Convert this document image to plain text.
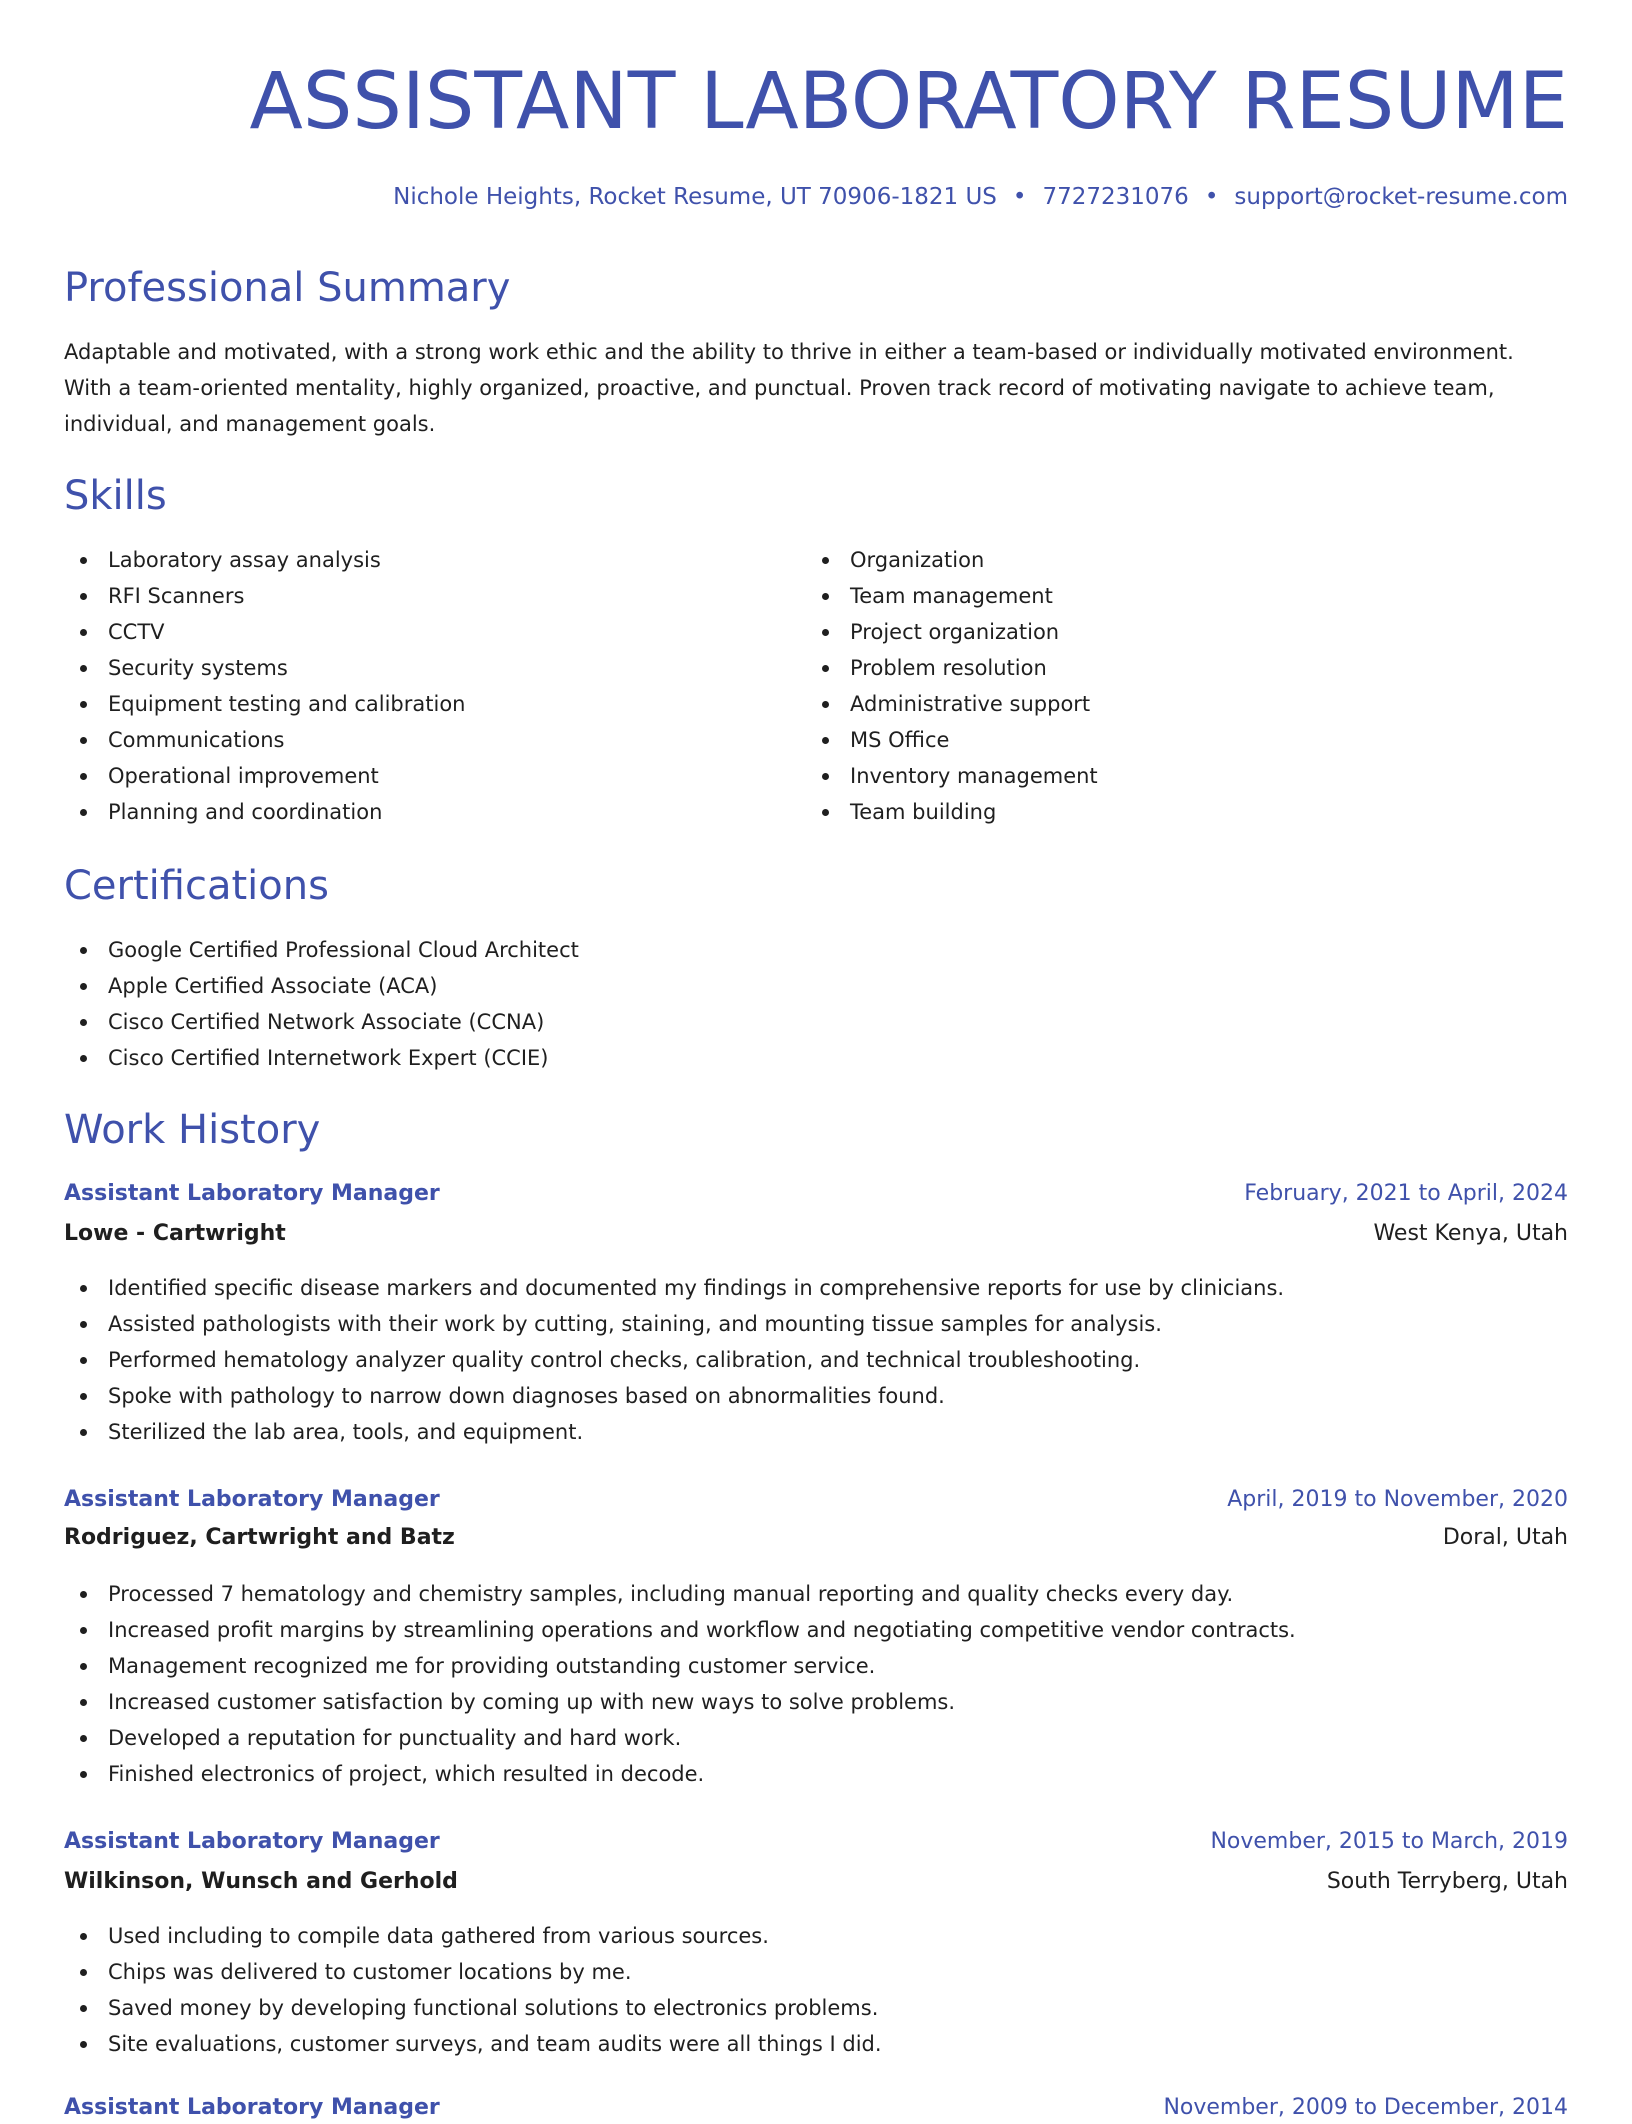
ASSISTANT LABORATORY RESUME
Nichole Heights, Rocket Resume, UT 70906-1821 US • 7727231076 • support@rocket-resume.com
Professional Summary

Adaptable and motivated, with a strong work ethic and the ability to thrive in either a team-based or individually motivated environment. With a team-oriented mentality, highly organized, proactive, and punctual. Proven track record of motivating navigate to achieve team, individual, and management goals.

Skills
Laboratory assay analysis
RFI Scanners
CCTV
Security systems
Equipment testing and calibration
Communications
Operational improvement
Planning and coordination
Organization
Team management
Project organization
Problem resolution
Administrative support
MS Office
Inventory management
Team building
Certifications
Google Certified Professional Cloud Architect
Apple Certified Associate (ACA)
Cisco Certified Network Associate (CCNA)
Cisco Certified Internetwork Expert (CCIE)
Work History
Assistant Laboratory Manager	February, 2021 to April, 2024
Lowe - Cartwright	West Kenya, Utah
Identified specific disease markers and documented my findings in comprehensive reports for use by clinicians.
Assisted pathologists with their work by cutting, staining, and mounting tissue samples for analysis.
Performed hematology analyzer quality control checks, calibration, and technical troubleshooting.
Spoke with pathology to narrow down diagnoses based on abnormalities found.
Sterilized the lab area, tools, and equipment.
Assistant Laboratory Manager	April, 2019 to November, 2020
Rodriguez, Cartwright and Batz	Doral, Utah
Processed 7 hematology and chemistry samples, including manual reporting and quality checks every day.
Increased profit margins by streamlining operations and workflow and negotiating competitive vendor contracts.
Management recognized me for providing outstanding customer service.
Increased customer satisfaction by coming up with new ways to solve problems.
Developed a reputation for punctuality and hard work.
Finished electronics of project, which resulted in decode.
Assistant Laboratory Manager	November, 2015 to March, 2019
Wilkinson, Wunsch and Gerhold	South Terryberg, Utah
Used including to compile data gathered from various sources.
Chips was delivered to customer locations by me.
Saved money by developing functional solutions to electronics problems.
Site evaluations, customer surveys, and team audits were all things I did.
Assistant Laboratory Manager	November, 2009 to December, 2014
